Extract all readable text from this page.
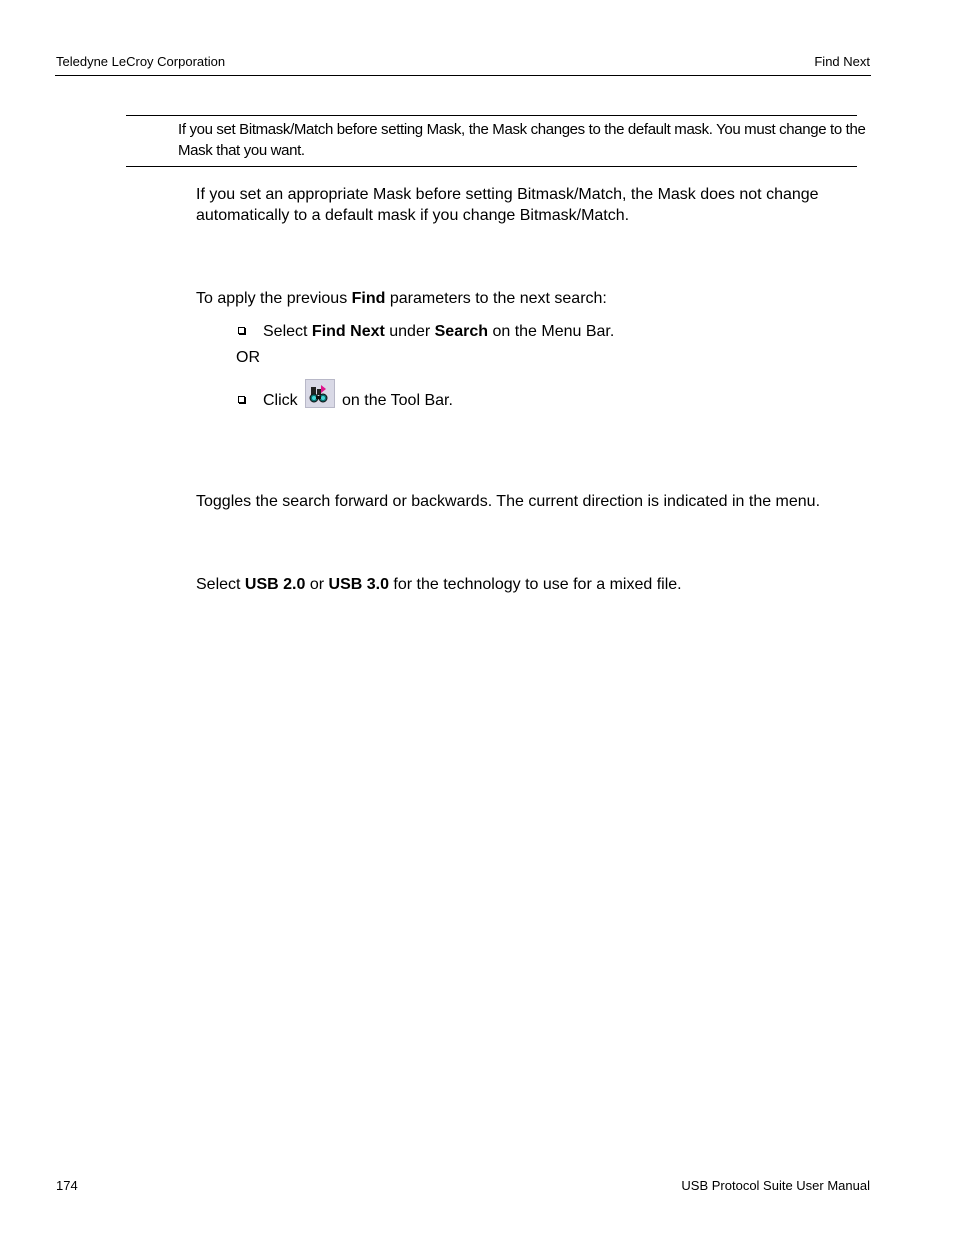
Teledyne LeCroy Corporation	Find Next
If you set Bitmask/Match before setting Mask, the Mask changes to the default mask. You must change to the Mask that you want.
If you set an appropriate Mask before setting Bitmask/Match, the Mask does not change automatically to a default mask if you change Bitmask/Match.
To apply the previous Find parameters to the next search:
Select Find Next under Search on the Menu Bar.
OR
Click	on the Tool Bar.
Toggles the search forward or backwards. The current direction is indicated in the menu.
Select USB 2.0 or USB 3.0 for the technology to use for a mixed file.
174	USB Protocol Suite User Manual
